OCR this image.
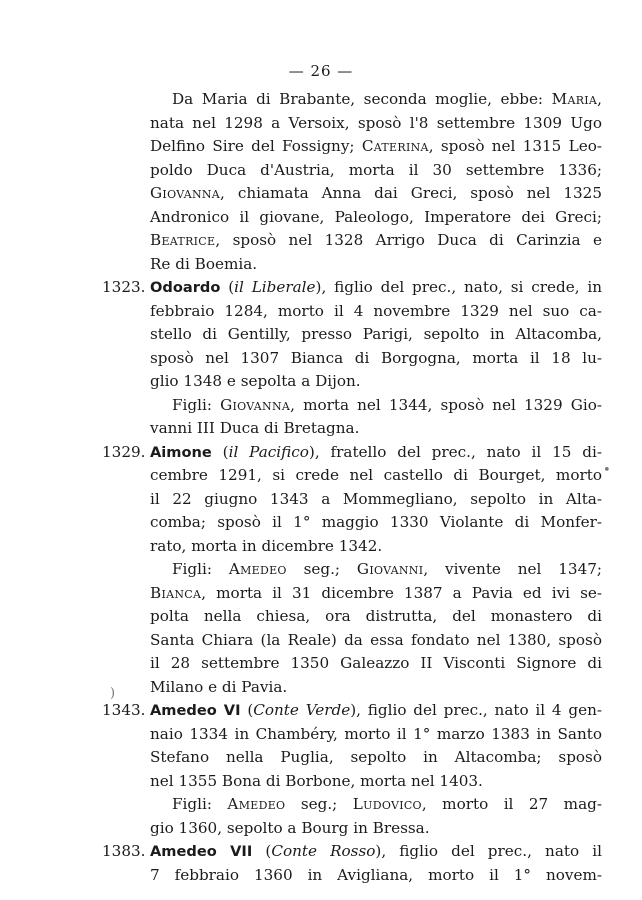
— 26 —
Da Maria di Brabante, seconda moglie, ebbe: Maria,
nata nel 1298 a Versoix, sposò l'8 settembre 1309 Ugo
Delfino Sire del Fossigny; Caterina, sposò nel 1315 Leo-
poldo Duca d'Austria, morta il 30 settembre 1336;
Giovanna, chiamata Anna dai Greci, sposò nel 1325
Andronico il giovane, Paleologo, Imperatore dei Greci;
Beatrice, sposò nel 1328 Arrigo Duca di Carinzia e
Re di Boemia.
1323. Odoardo (il Liberale), figlio del prec., nato, si crede, in
febbraio 1284, morto il 4 novembre 1329 nel suo ca-
stello di Gentilly, presso Parigi, sepolto in Altacomba,
sposò nel 1307 Bianca di Borgogna, morta il 18 lu-
glio 1348 e sepolta a Dijon.
Figli: Giovanna, morta nel 1344, sposò nel 1329 Gio-
vanni III Duca di Bretagna.
1329. Aimone (il Pacifico), fratello del prec., nato il 15 di-
cembre 1291, si crede nel castello di Bourget, morto
il 22 giugno 1343 a Mommegliano, sepolto in Alta-
comba; sposò il 1° maggio 1330 Violante di Monfer-
rato, morta in dicembre 1342.
Figli: Amedeo seg.; Giovanni, vivente nel 1347;
Bianca, morta il 31 dicembre 1387 a Pavia ed ivi se-
polta nella chiesa, ora distrutta, del monastero di
Santa Chiara (la Reale) da essa fondato nel 1380, sposò
il 28 settembre 1350 Galeazzo II Visconti Signore di
Milano e di Pavia.
1343. Amedeo VI (Conte Verde), figlio del prec., nato il 4 gen-
naio 1334 in Chambéry, morto il 1° marzo 1383 in Santo
Stefano nella Puglia, sepolto in Altacomba; sposò
nel 1355 Bona di Borbone, morta nel 1403.
Figli: Amedeo seg.; Ludovico, morto il 27 mag-
gio 1360, sepolto a Bourg in Bressa.
1383. Amedeo VII (Conte Rosso), figlio del prec., nato il
7 febbraio 1360 in Avigliana, morto il 1° novem-
•
)
